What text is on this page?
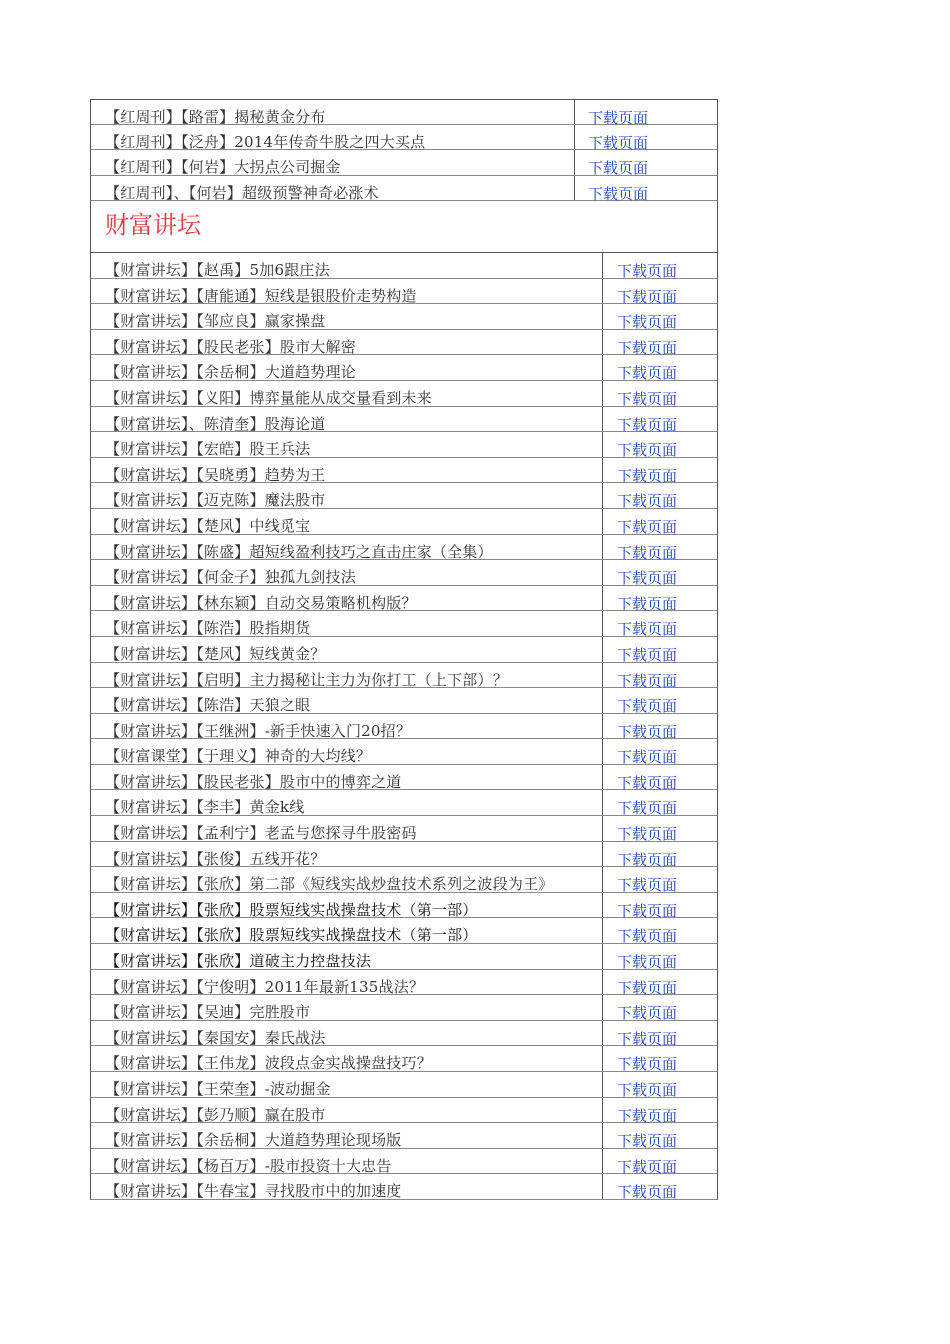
【红周刊】【路雷】揭秘黄金分布	下载页面
【红周刊】【泛舟】2014年传奇牛股之四大买点	下载页面
【红周刊】【何岩】大拐点公司掘金	下载页面
【红周刊】、【何岩】超级预警神奇必涨术	下载页面
财富讲坛
【财富讲坛】【赵禹】5加6跟庄法	下载页面
【财富讲坛】【唐能通】短线是银股价走势构造	下载页面
【财富讲坛】【邹应良】赢家操盘	下载页面
【财富讲坛】【股民老张】股市大解密	下载页面
【财富讲坛】【余岳桐】大道趋势理论	下载页面
【财富讲坛】【义阳】博弈量能从成交量看到未来	下载页面
【财富讲坛】、陈清奎】股海论道	下载页面
【财富讲坛】【宏皓】股王兵法	下载页面
【财富讲坛】【吴晓勇】趋势为王	下载页面
【财富讲坛】【迈克陈】魔法股市	下载页面
【财富讲坛】【楚风】中线觅宝	下载页面
【财富讲坛】【陈盛】超短线盈利技巧之直击庄家（全集）	下载页面
【财富讲坛】【何金子】独孤九剑技法	下载页面
【财富讲坛】【林东颖】自动交易策略机构版？	下载页面
【财富讲坛】【陈浩】股指期货	下载页面
【财富讲坛】【楚风】短线黄金？	下载页面
【财富讲坛】【启明】主力揭秘让主力为你打工（上下部）？	下载页面
【财富讲坛】【陈浩】天狼之眼	下载页面
【财富讲坛】【王继洲】-新手快速入门20招？	下载页面
【财富课堂】【于理义】神奇的大均线？	下载页面
【财富讲坛】【股民老张】股市中的博弈之道	下载页面
【财富讲坛】【李丰】黄金k线	下载页面
【财富讲坛】【孟利宁】老孟与您探寻牛股密码	下载页面
【财富讲坛】【张俊】五线开花？	下载页面
【财富讲坛】【张欣】第二部《短线实战炒盘技术系列之波段为王》	下载页面
【财富讲坛】【张欣】股票短线实战操盘技术（第一部）	下载页面
【财富讲坛】【张欣】股票短线实战操盘技术（第一部）	下载页面
【财富讲坛】【张欣】道破主力控盘技法	下载页面
【财富讲坛】【宁俊明】2011年最新135战法？	下载页面
【财富讲坛】【吴迪】完胜股市	下载页面
【财富讲坛】【秦国安】秦氏战法	下载页面
【财富讲坛】【王伟龙】波段点金实战操盘技巧？	下载页面
【财富讲坛】【王荣奎】-波动掘金	下载页面
【财富讲坛】【彭乃顺】赢在股市	下载页面
【财富讲坛】【余岳桐】大道趋势理论现场版	下载页面
【财富讲坛】【杨百万】-股市投资十大忠告	下载页面
【财富讲坛】【牛春宝】寻找股市中的加速度	下载页面
